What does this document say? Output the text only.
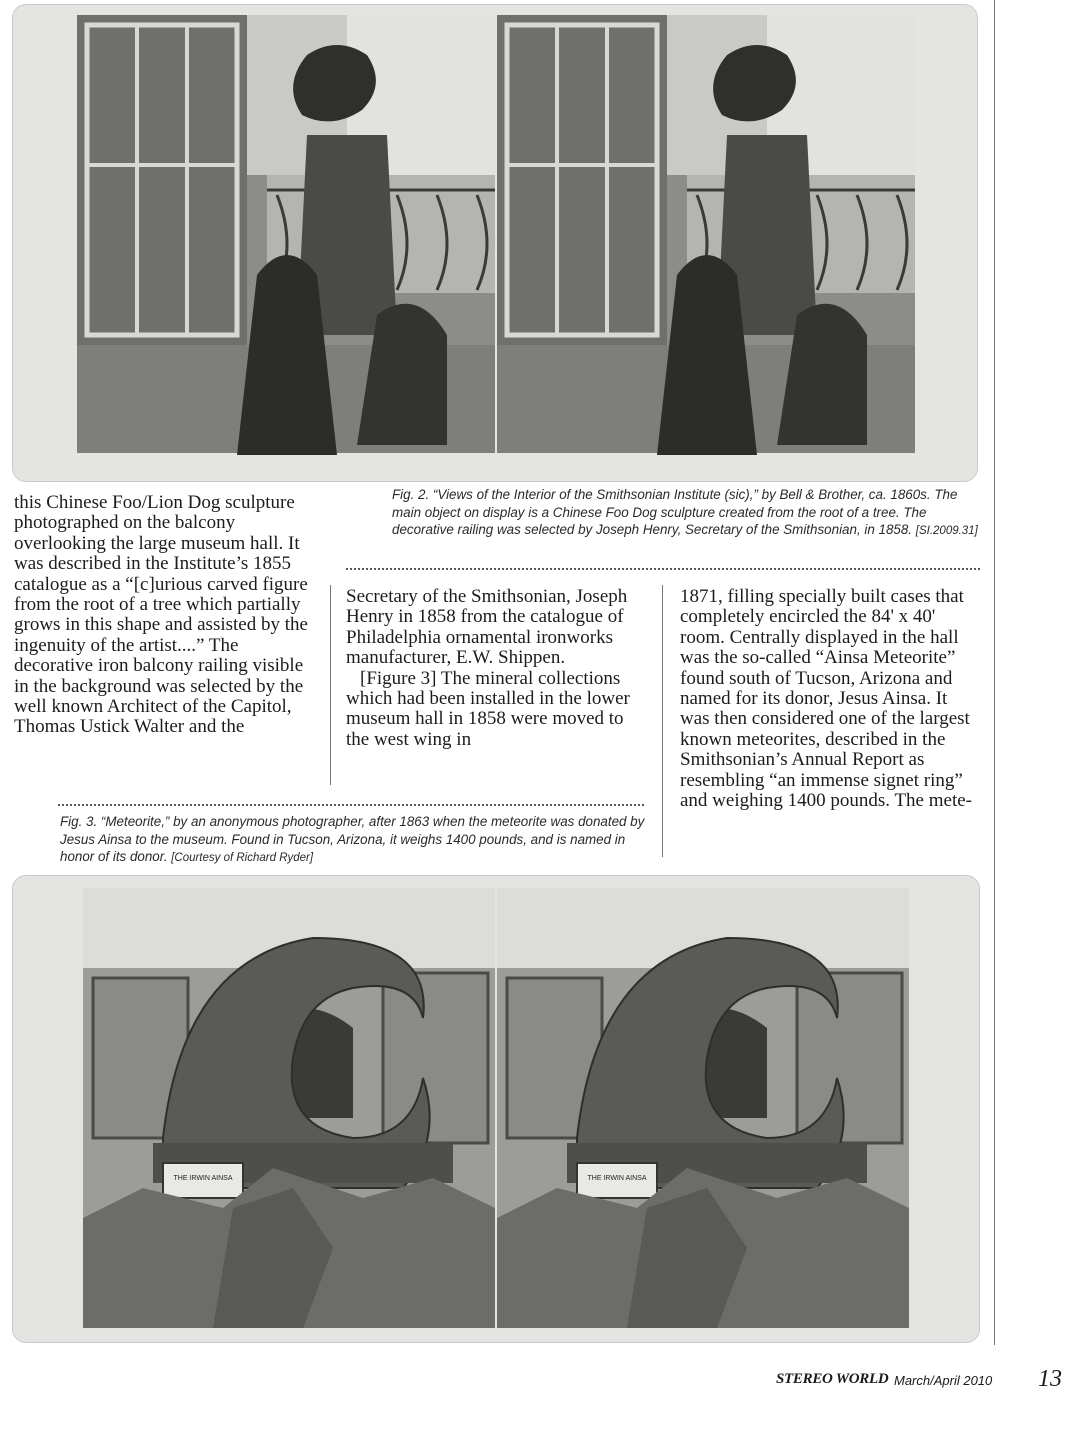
this Chinese Foo/Lion Dog sculpture photographed on the balcony overlooking the large museum hall. It was described in the Institute’s 1855 catalogue as a “[c]urious carved figure from the root of a tree which partially grows in this shape and assisted by the ingenuity of the artist....” The decorative iron balcony railing visible in the background was selected by the well known Architect of the Capitol, Thomas Ustick Walter and the

Fig. 2. “Views of the Interior of the Smithsonian Institute (sic),” by Bell & Brother, ca. 1860s. The main object on display is a Chinese Foo Dog sculpture created from the root of a tree. The decorative railing was selected by Joseph Henry, Secretary of the Smithsonian, in 1858. [SI.2009.31]

Secretary of the Smithsonian, Joseph Henry in 1858 from the catalogue of Philadelphia ornamental ironworks manufacturer, E.W. Shippen.

[Figure 3] The mineral collections which had been installed in the lower museum hall in 1858 were moved to the west wing in

1871, filling specially built cases that completely encircled the 84' x 40' room. Centrally displayed in the hall was the so-called “Ainsa Meteorite” found south of Tucson, Arizona and named for its donor, Jesus Ainsa. It was then considered one of the largest known meteorites, described in the Smithsonian’s Annual Report as resembling “an immense signet ring” and weighing 1400 pounds. The mete-

Fig. 3. “Meteorite,” by an anonymous photographer, after 1863 when the meteorite was donated by Jesus Ainsa to the museum. Found in Tucson, Arizona, it weighs 1400 pounds, and is named in honor of its donor. [Courtesy of Richard Ryder]
THE IRWIN AINSA	THE IRWIN AINSA
STEREO WORLD March/April 2010 13
